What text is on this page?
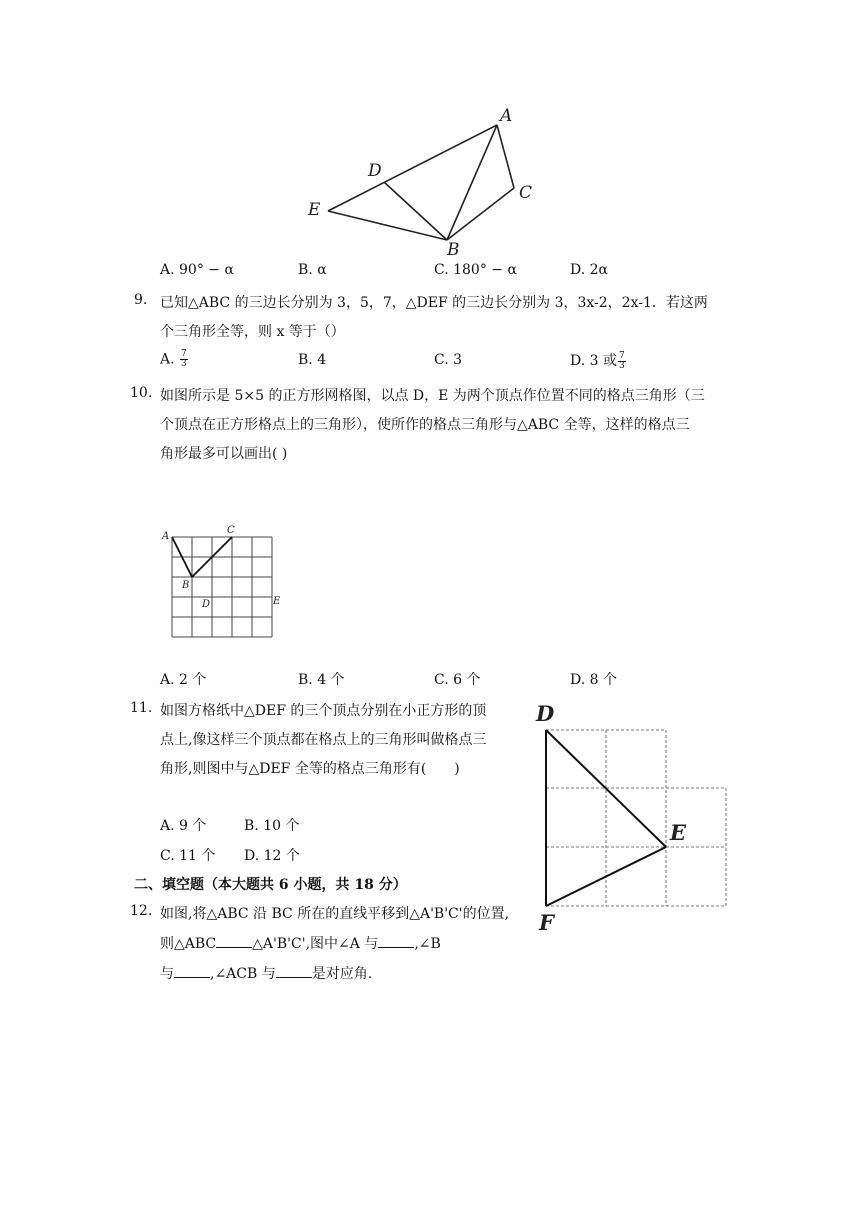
A
B
C
D
E
A. 90° − α	B. α	C. 180° − α	D. 2α
9. 已知△ABC 的三边长分别为 3，5，7，△DEF 的三边长分别为 3，3x-2，2x-1．若这两
个三角形全等，则 x 等于（）
A. $\frac{7}{3}$	B. 4	C. 3	D. 3 或 $\frac{7}{3}$
10. 如图所示是 5×5 的正方形网格图，以点 D，E 为两个顶点作位置不同的格点三角形（三
个顶点在正方形格点上的三角形），使所作的格点三角形与△ABC 全等，这样的格点三
角形最多可以画出( )
A
B
C
D	E
A. 2 个	B. 4 个	C. 6 个	D. 8 个
11. 如图方格纸中△DEF 的三个顶点分别在小正方形的顶
点上,像这样三个顶点都在格点上的三角形叫做格点三
角形,则图中与△DEF 全等的格点三角形有(　　)
A. 9 个	B. 10 个
C. 11 个 D. 12 个
D
E
F
二、填空题（本大题共 6 小题，共 18 分）
12. 如图,将△ABC 沿 BC 所在的直线平移到△A'B'C'的位置,
则△ABC	△A'B'C',图中∠A 与	,∠B
与	,∠ACB 与	是对应角.
